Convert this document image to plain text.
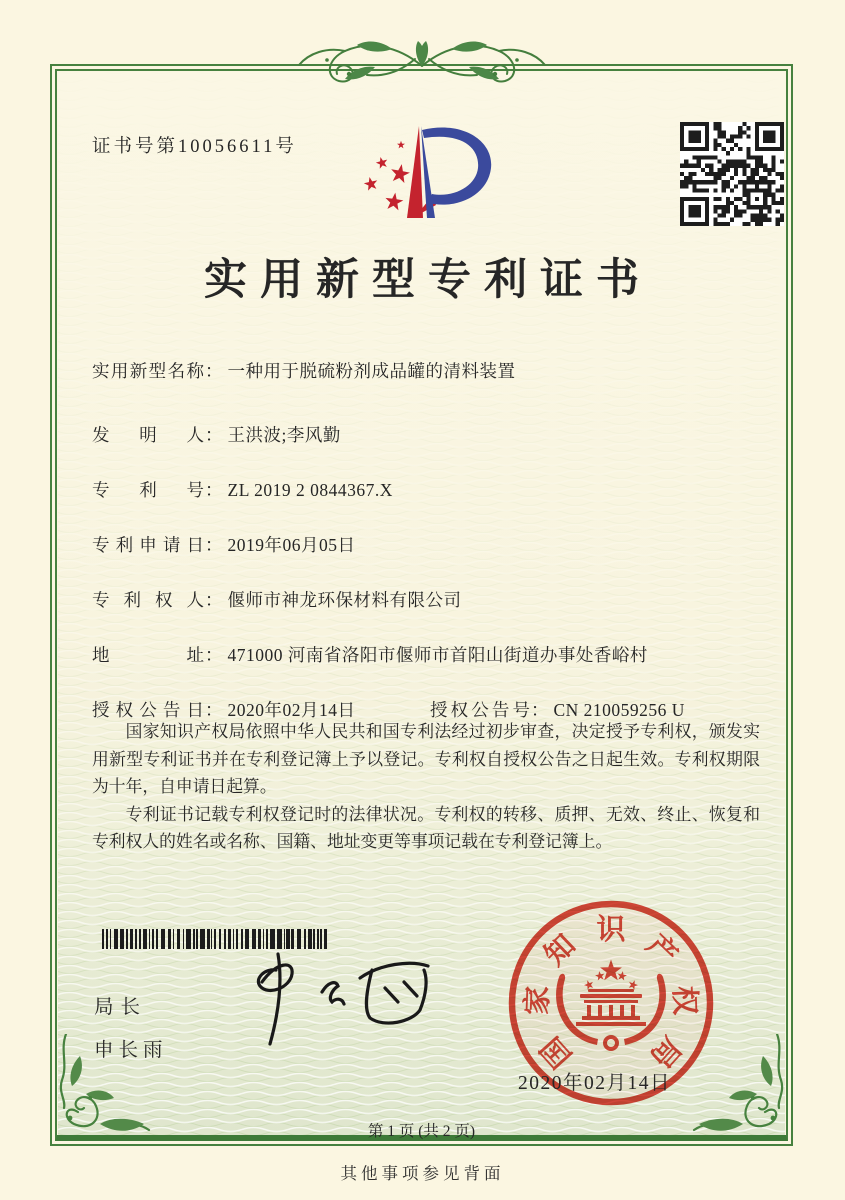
证书号第10056611号
实用新型专利证书
实 用 新 型 名 称 ： 一种用于脱硫粉剂成品罐的清料装置
发 明 人 ： 王洪波;李风勤
专 利 号 ： ZL 2019 2 0844367.X
专 利 申 请 日 ： 2019年06月05日
专 利 权 人 ： 偃师市神龙环保材料有限公司
地	址 ： 471000 河南省洛阳市偃师市首阳山街道办事处香峪村
授 权 公 告 日 ： 2020年02月14日	授 权 公 告 号 ： CN 210059256 U

国家知识产权局依照中华人民共和国专利法经过初步审查，决定授予专利权，颁发实用新型专利证书并在专利登记簿上予以登记。专利权自授权公告之日起生效。专利权期限为十年，自申请日起算。

专利证书记载专利权登记时的法律状况。专利权的转移、质押、无效、终止、恢复和专利权人的姓名或名称、国籍、地址变更等事项记载在专利登记簿上。

局长
申长雨	国
家
知 识 产
权
局
2020年02月14日
第 1 页 (共 2 页)
其他事项参见背面
